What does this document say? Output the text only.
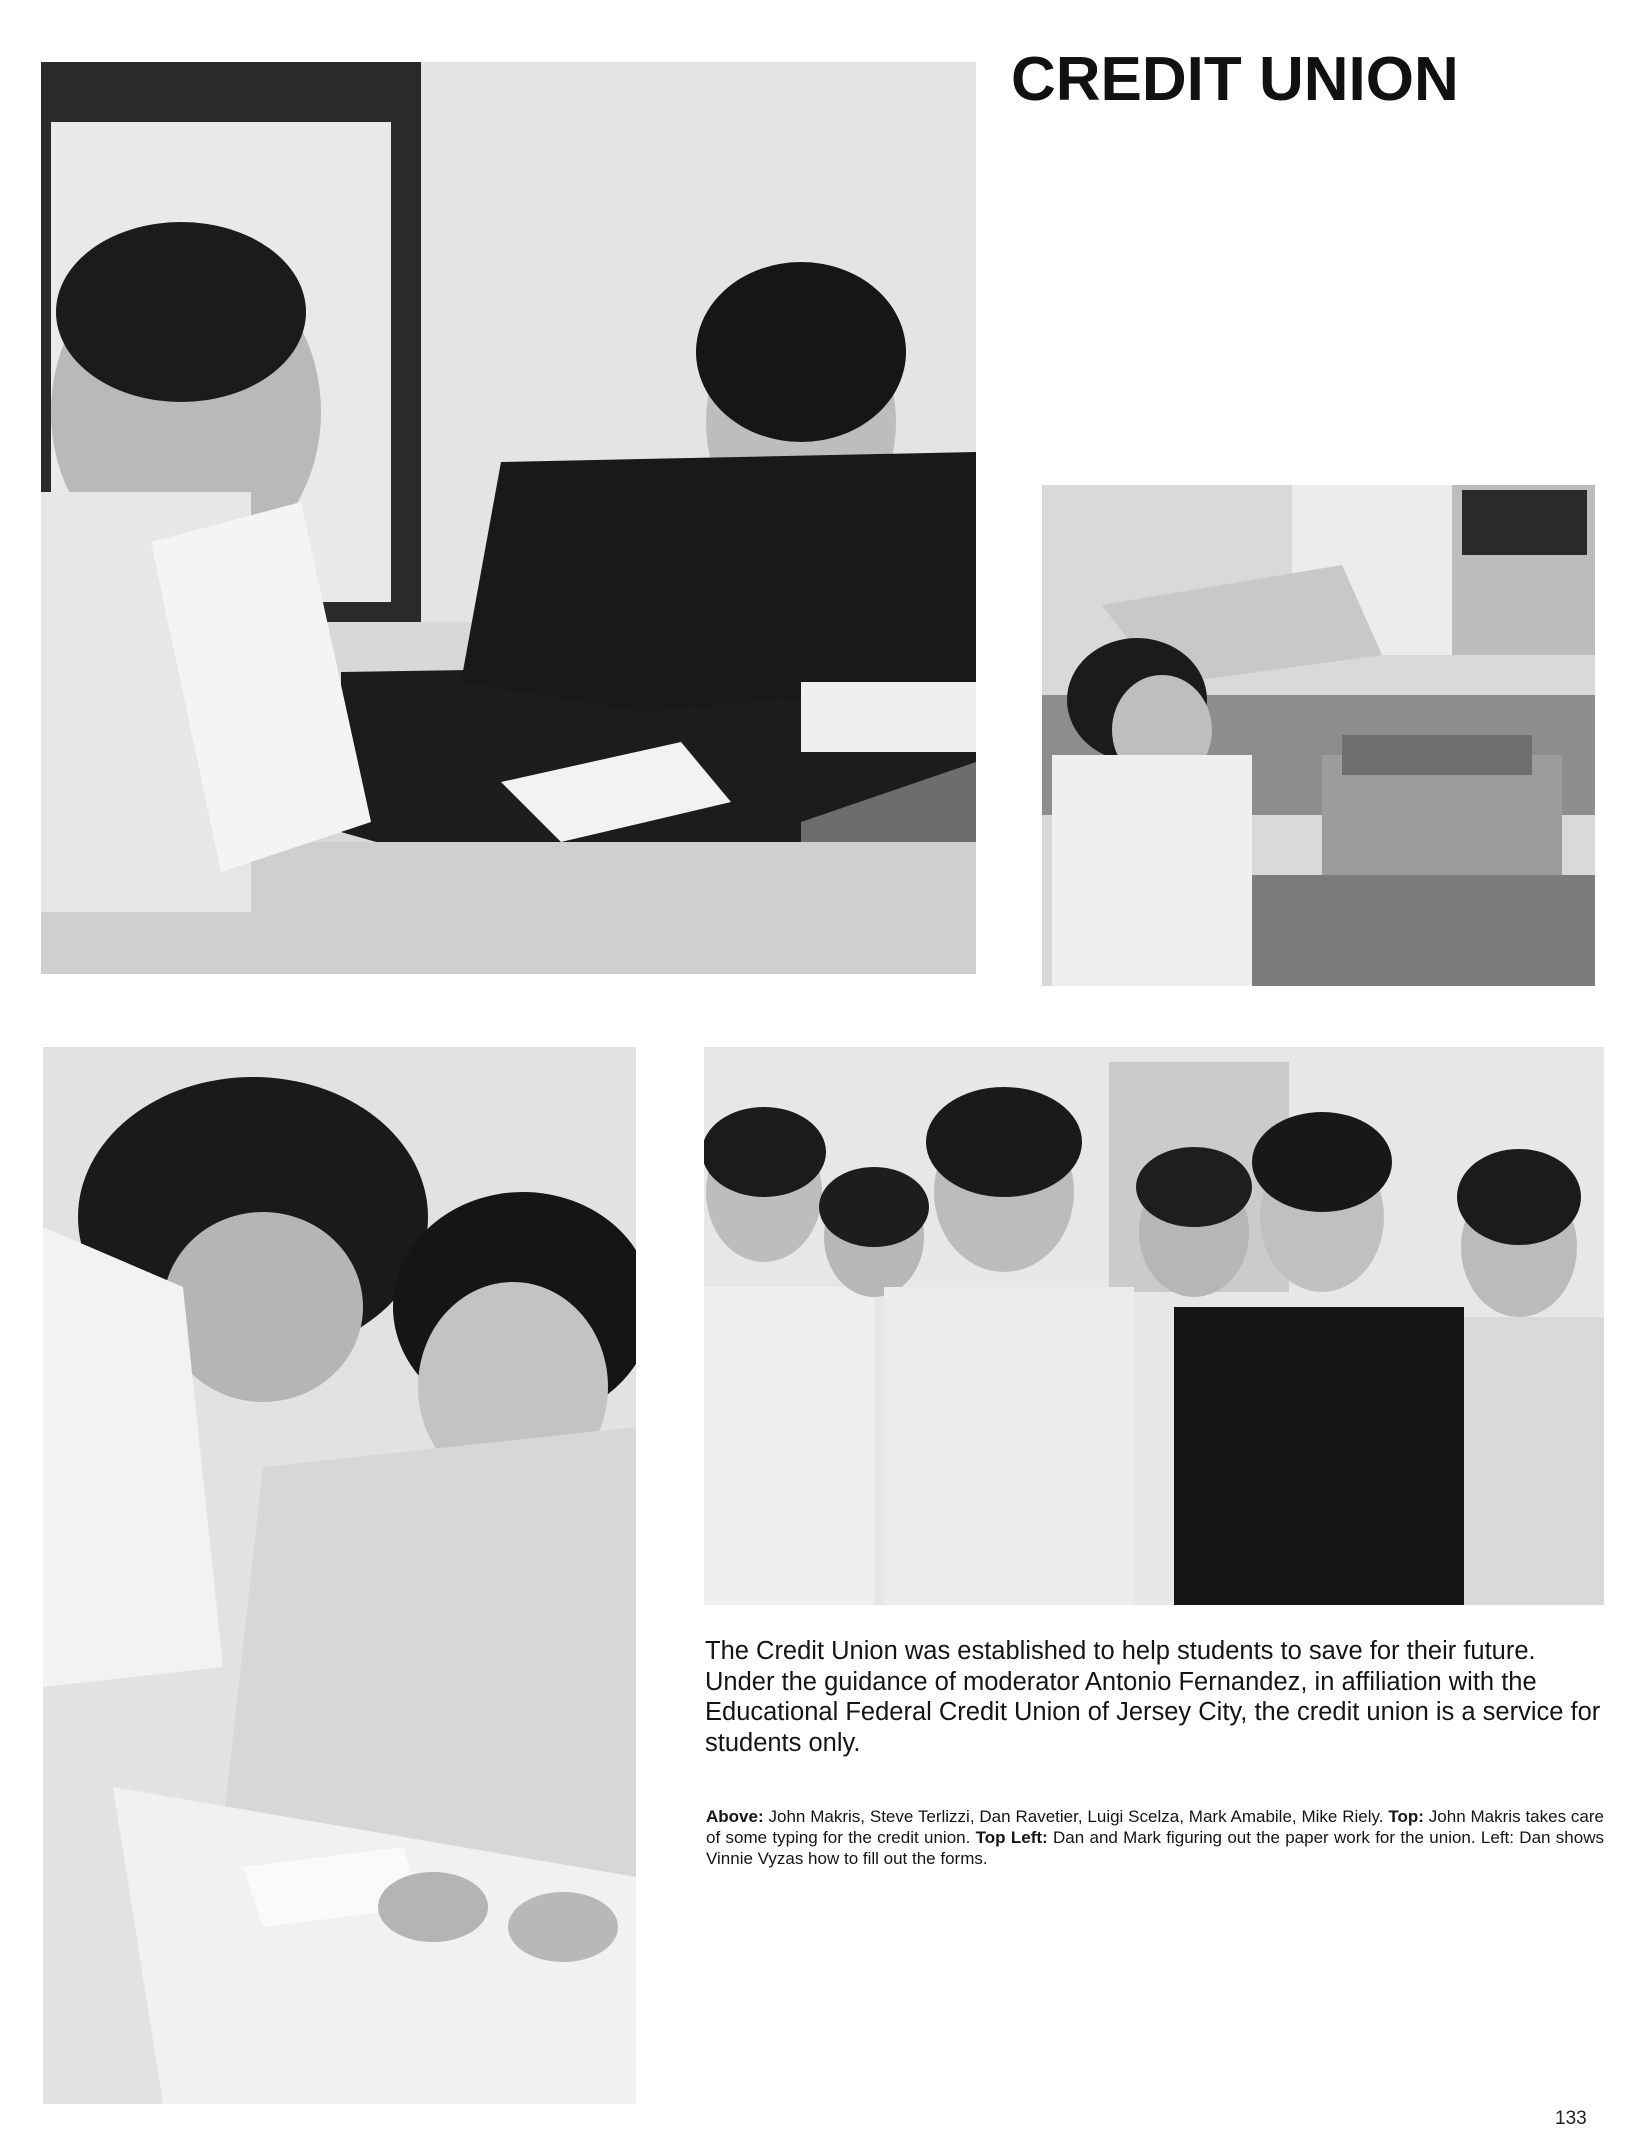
CREDIT UNION

The Credit Union was established to help students to save for their future. Under the guidance of moderator Antonio Fernandez, in affiliation with the Educational Federal Credit Union of Jersey City, the credit union is a service for students only.

Above: John Makris, Steve Terlizzi, Dan Ravetier, Luigi Scelza, Mark Amabile, Mike Riely. Top: John Makris takes care of some typing for the credit union. Top Left: Dan and Mark figuring out the paper work for the union. Left: Dan shows Vinnie Vyzas how to fill out the forms.

133
